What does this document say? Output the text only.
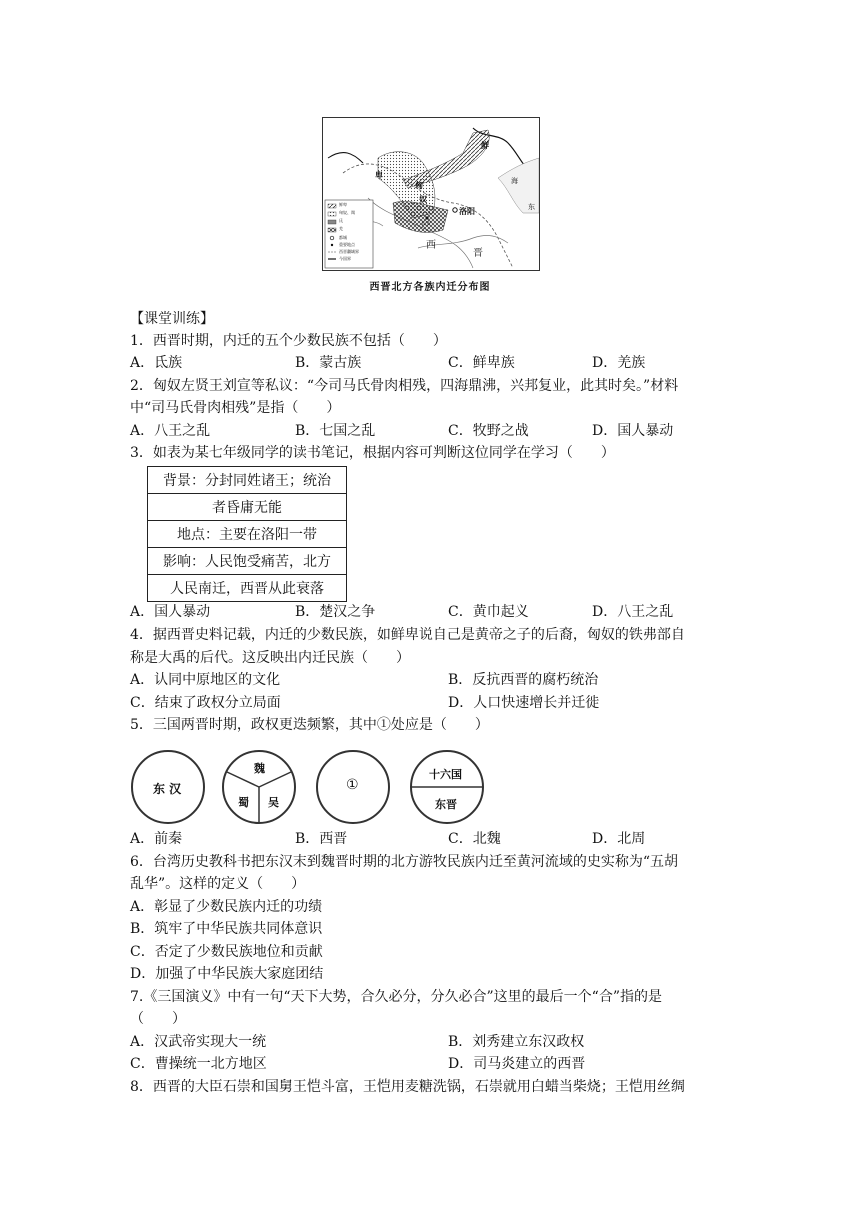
鲜
卑
匈
奴
洛阳
长安
西
晋
海
东
鲜卑
匈奴、羯
氐
羌
都城
重要地点
西晋疆域界
今国界
西晋北方各族内迁分布图
【课堂训练】
1．西晋时期，内迁的五个少数民族不包括（　　）
A．氐族	B．蒙古族	C．鲜卑族	D．羌族
2．匈奴左贤王刘宣等私议：“今司马氏骨肉相残，四海鼎沸，兴邦复业，此其时矣。”材料
中“司马氏骨肉相残”是指（　　）
A．八王之乱	B．七国之乱	C．牧野之战	D．国人暴动
3．如表为某七年级同学的读书笔记，根据内容可判断这位同学在学习（　　）
背景：分封同姓诸王；统治
者昏庸无能
地点：主要在洛阳一带
影响：人民饱受痛苦，北方
人民南迁，西晋从此衰落
A．国人暴动	B．楚汉之争	C．黄巾起义	D．八王之乱
4．据西晋史料记载，内迁的少数民族，如鲜卑说自己是黄帝之子的后裔，匈奴的铁弗部自
称是大禹的后代。这反映出内迁民族（　　）
A．认同中原地区的文化	B．反抗西晋的腐朽统治
C．结束了政权分立局面	D．人口快速增长并迁徙
5．三国两晋时期，政权更迭频繁，其中①处应是（　　）
东 汉
魏
蜀 吴
①
十六国
东晋
A．前秦	B．西晋	C．北魏	D．北周
6．台湾历史教科书把东汉末到魏晋时期的北方游牧民族内迁至黄河流域的史实称为“五胡
乱华”。这样的定义（　　）
A．彰显了少数民族内迁的功绩
B．筑牢了中华民族共同体意识
C．否定了少数民族地位和贡献
D．加强了中华民族大家庭团结
7.《三国演义》中有一句“天下大势，合久必分，分久必合”这里的最后一个“合”指的是
（　　）
A．汉武帝实现大一统	B．刘秀建立东汉政权
C．曹操统一北方地区	D．司马炎建立的西晋
8．西晋的大臣石崇和国舅王恺斗富，王恺用麦糖洗锅，石崇就用白蜡当柴烧；王恺用丝绸
